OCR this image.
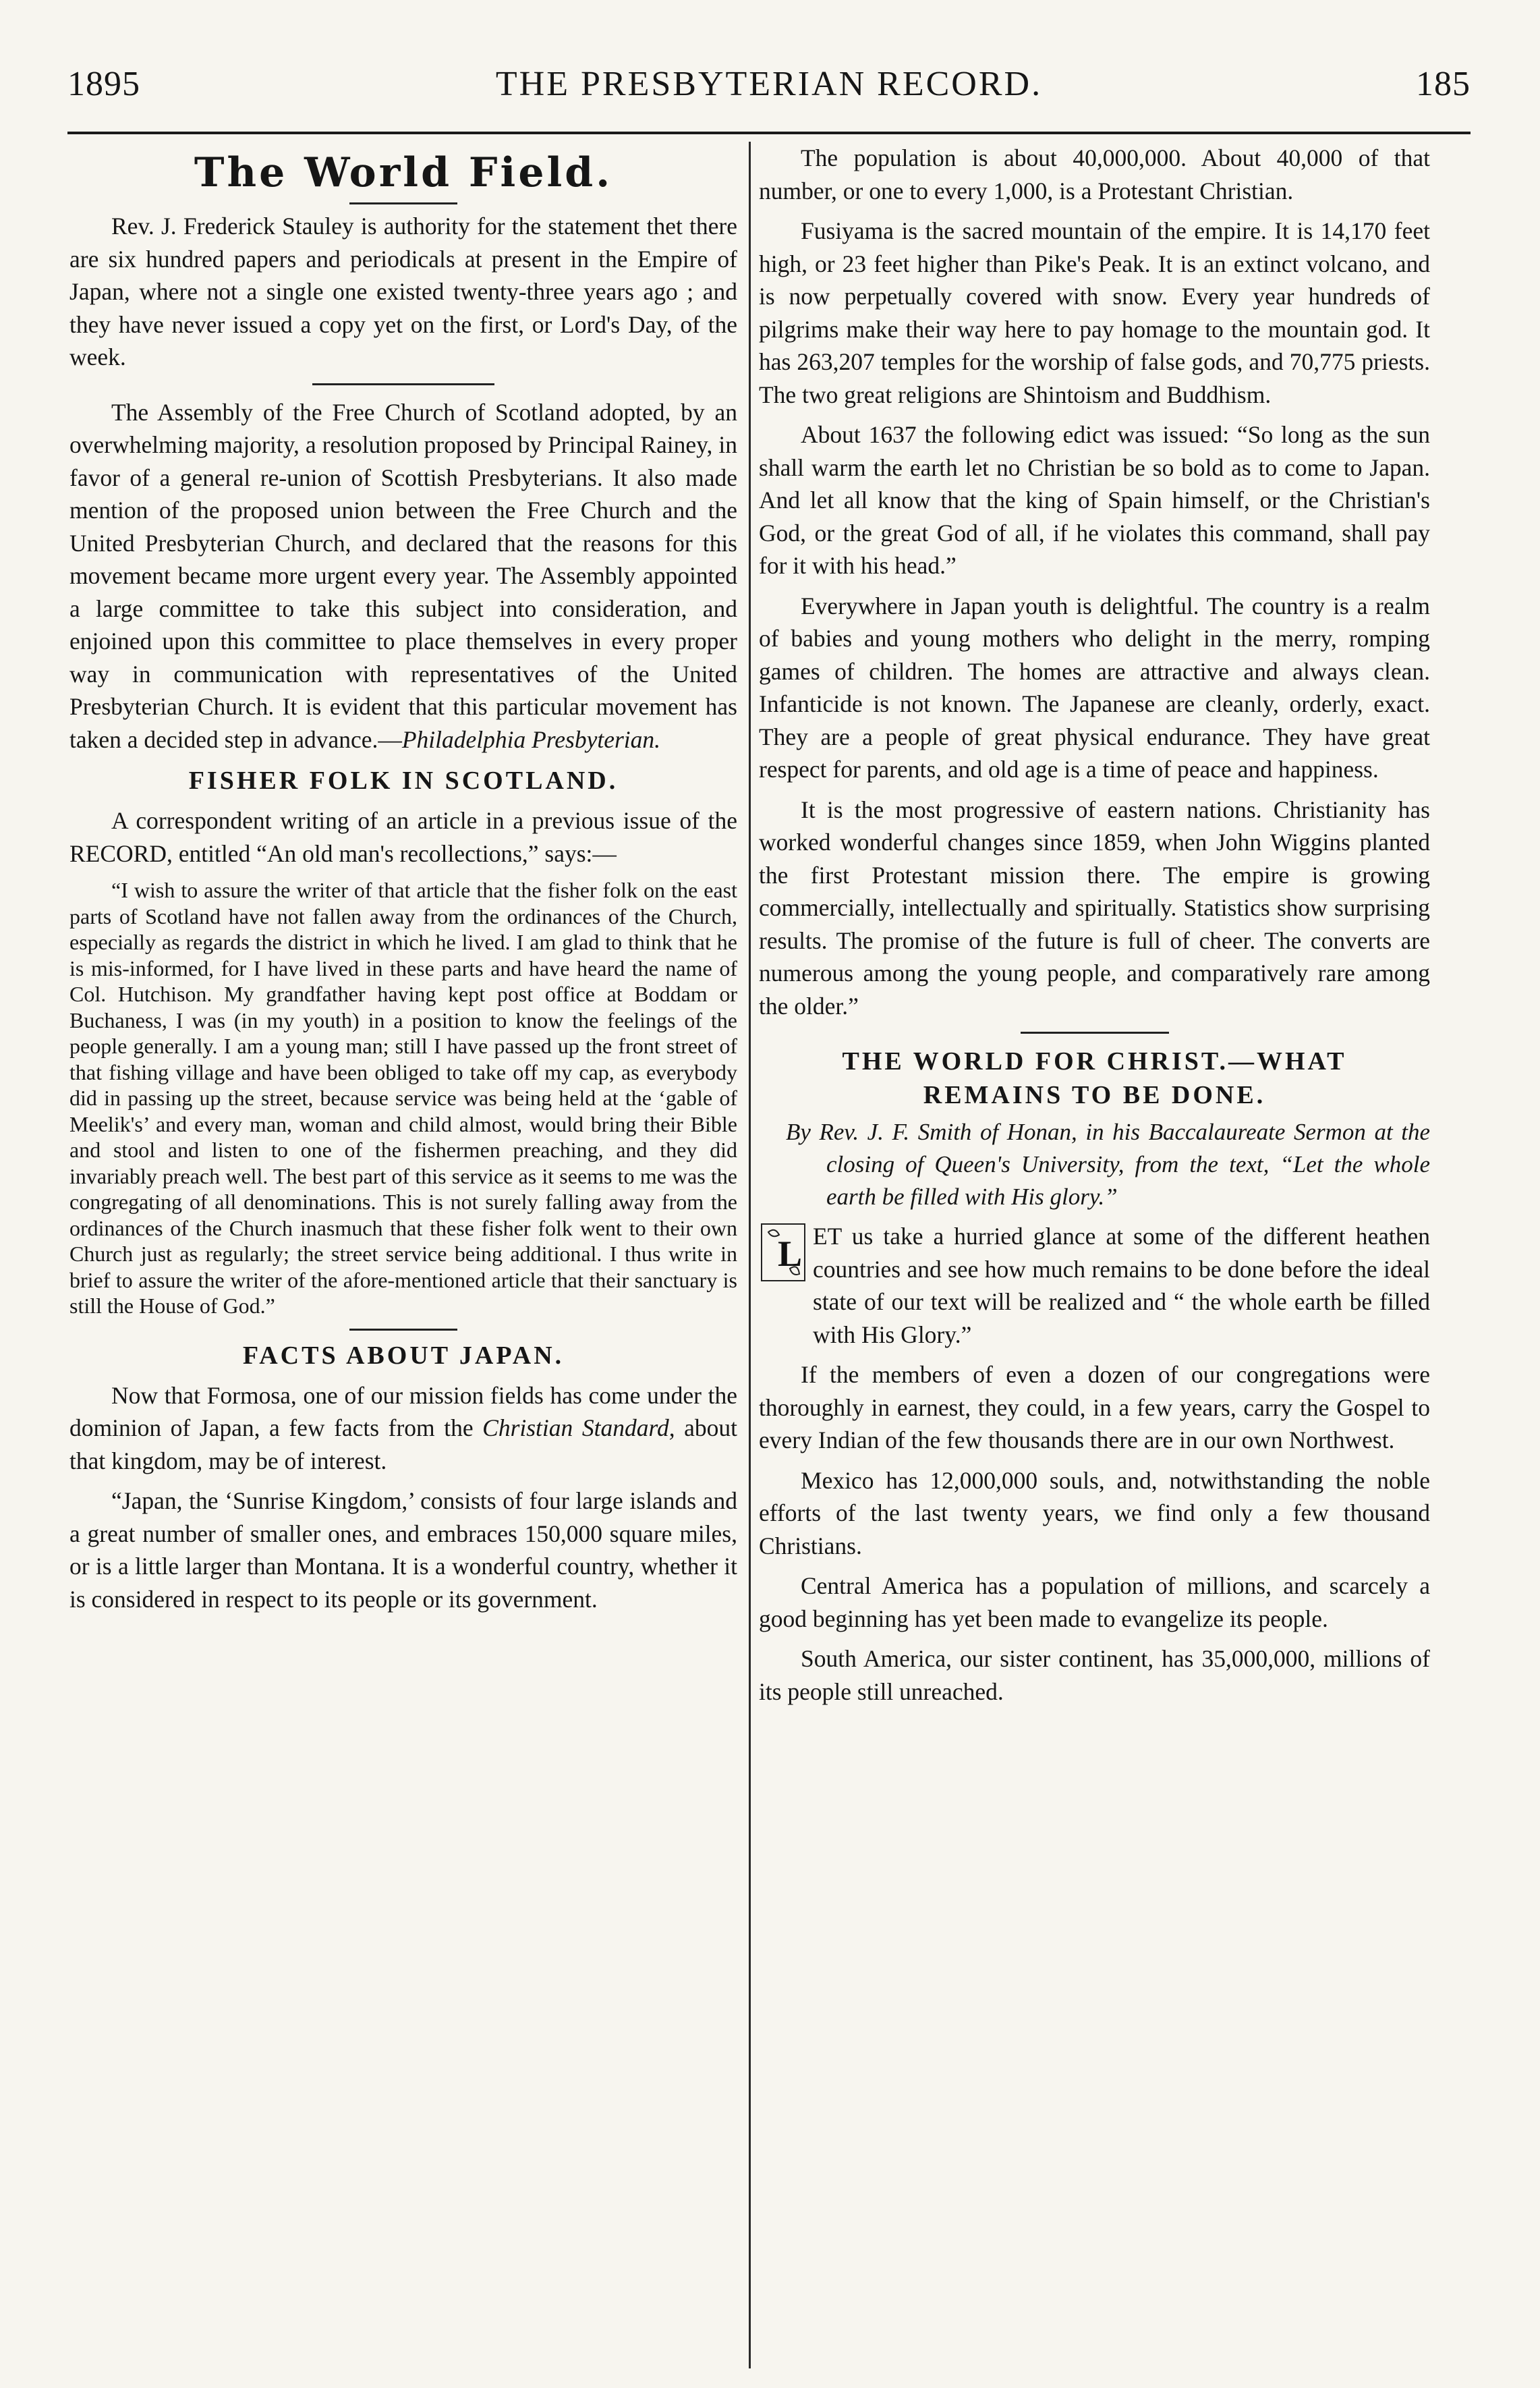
1895	THE PRESBYTERIAN RECORD.	185
The World Field.

Rev. J. Frederick Stauley is authority for the statement thet there are six hundred papers and periodicals at present in the Empire of Japan, where not a single one existed twenty-three years ago ; and they have never issued a copy yet on the first, or Lord's Day, of the week.

The Assembly of the Free Church of Scotland adopted, by an overwhelming majority, a resolution proposed by Principal Rainey, in favor of a general re-union of Scottish Presbyterians. It also made mention of the proposed union between the Free Church and the United Presbyterian Church, and declared that the reasons for this movement became more urgent every year. The Assembly appointed a large committee to take this subject into consideration, and enjoined upon this committee to place themselves in every proper way in communication with representatives of the United Presbyterian Church. It is evident that this particular movement has taken a decided step in advance.—Philadelphia Presbyterian.

FISHER FOLK IN SCOTLAND.

A correspondent writing of an article in a previous issue of the RECORD, entitled “An old man's recollections,” says:—

“I wish to assure the writer of that article that the fisher folk on the east parts of Scotland have not fallen away from the ordinances of the Church, especially as regards the district in which he lived. I am glad to think that he is mis-informed, for I have lived in these parts and have heard the name of Col. Hutchison. My grandfather having kept post office at Boddam or Buchaness, I was (in my youth) in a position to know the feelings of the people generally. I am a young man; still I have passed up the front street of that fishing village and have been obliged to take off my cap, as everybody did in passing up the street, because service was being held at the ‘gable of Meelik's’ and every man, woman and child almost, would bring their Bible and stool and listen to one of the fishermen preaching, and they did invariably preach well. The best part of this service as it seems to me was the congregating of all denominations. This is not surely falling away from the ordinances of the Church inasmuch that these fisher folk went to their own Church just as regularly; the street service being additional. I thus write in brief to assure the writer of the afore-mentioned article that their sanctuary is still the House of God.”

FACTS ABOUT JAPAN.

Now that Formosa, one of our mission fields has come under the dominion of Japan, a few facts from the Christian Standard, about that kingdom, may be of interest.

“Japan, the ‘Sunrise Kingdom,’ consists of four large islands and a great number of smaller ones, and embraces 150,000 square miles, or is a little larger than Montana. It is a wonderful country, whether it is considered in respect to its people or its government.

The population is about 40,000,000. About 40,000 of that number, or one to every 1,000, is a Protestant Christian.

Fusiyama is the sacred mountain of the empire. It is 14,170 feet high, or 23 feet higher than Pike's Peak. It is an extinct volcano, and is now perpetually covered with snow. Every year hundreds of pilgrims make their way here to pay homage to the mountain god. It has 263,207 temples for the worship of false gods, and 70,775 priests. The two great religions are Shintoism and Buddhism.

About 1637 the following edict was issued: “So long as the sun shall warm the earth let no Christian be so bold as to come to Japan. And let all know that the king of Spain himself, or the Christian's God, or the great God of all, if he violates this command, shall pay for it with his head.”

Everywhere in Japan youth is delightful. The country is a realm of babies and young mothers who delight in the merry, romping games of children. The homes are attractive and always clean. Infanticide is not known. The Japanese are cleanly, orderly, exact. They are a people of great physical endurance. They have great respect for parents, and old age is a time of peace and happiness.

It is the most progressive of eastern nations. Christianity has worked wonderful changes since 1859, when John Wiggins planted the first Protestant mission there. The empire is growing commercially, intellectually and spiritually. Statistics show surprising results. The promise of the future is full of cheer. The converts are numerous among the young people, and comparatively rare among the older.”

THE WORLD FOR CHRIST.—WHAT
REMAINS TO BE DONE.
By Rev. J. F. Smith of Honan, in his Baccalaureate Sermon at the closing of Queen's University, from the text, “Let the whole earth be filled with His glory.”

L ET us take a hurried glance at some of the different heathen countries and see how much remains to be done before the ideal state of our text will be realized and “ the whole earth be filled with His Glory.”

If the members of even a dozen of our congregations were thoroughly in earnest, they could, in a few years, carry the Gospel to every Indian of the few thousands there are in our own Northwest.

Mexico has 12,000,000 souls, and, notwithstanding the noble efforts of the last twenty years, we find only a few thousand Christians.

Central America has a population of millions, and scarcely a good beginning has yet been made to evangelize its people.

South America, our sister continent, has 35,000,000, millions of its people still unreached.
